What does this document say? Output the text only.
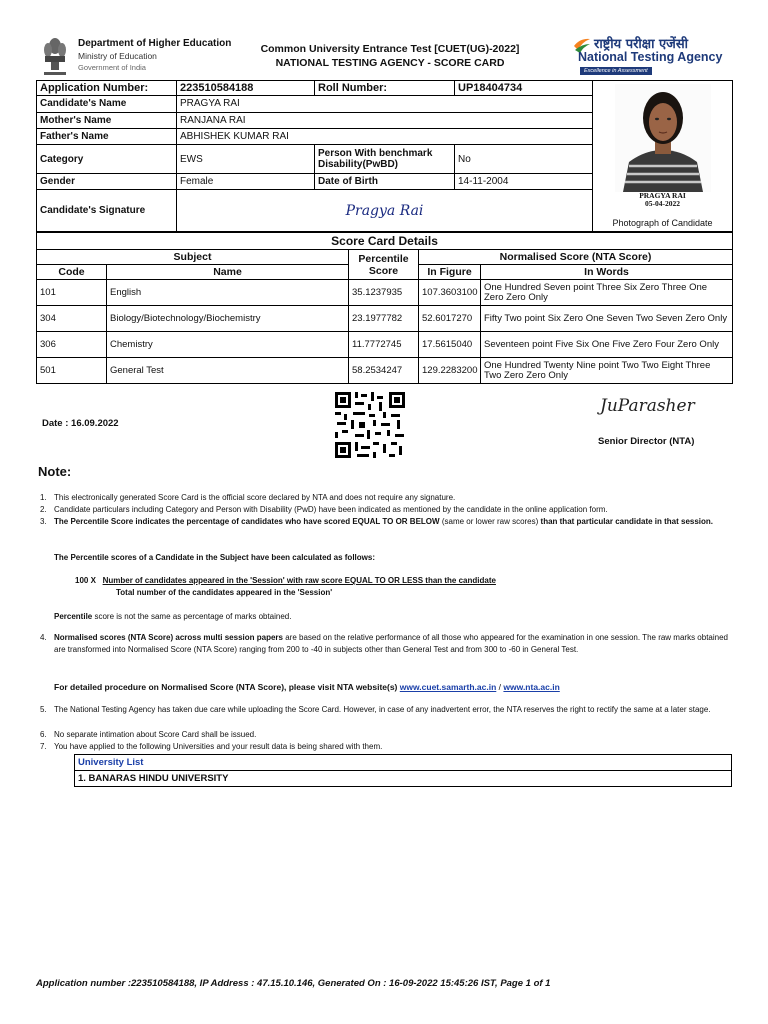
Department of Higher Education
Ministry of Education
Government of India
Common University Entrance Test [CUET(UG)-2022]
NATIONAL TESTING AGENCY - SCORE CARD
राष्ट्रीय परीक्षा एजेंसी
National Testing Agency
Excellence in Assessment
Application Number:	223510584188	Roll Number:	UP18404734	PRAGYA RAI
05-04-2022
Photograph of Candidate

Candidate's Name	PRAGYA RAI			
Mother's Name	RANJANA RAI			
Father's Name	ABHISHEK KUMAR RAI			
Category	EWS	Person With benchmark Disability(PwBD)	No	
Gender	Female	Date of Birth	14-11-2004	
Candidate's Signature	Pragya Rai			
Score Card Details				
Subject		Percentile Score	Normalised Score (NTA Score)	
Code	Name		In Figure	In Words
101	English	35.1237935	107.3603100	One Hundred Seven point Three Six Zero Three One Zero Zero Only
304	Biology/Biotechnology/Biochemistry	23.1977782	52.6017270	Fifty Two point Six Zero One Seven Two Seven Zero Only
306	Chemistry	11.7772745	17.5615040	Seventeen point Five Six One Five Zero Four Zero Only
501	General Test	58.2534247	129.2283200	One Hundred Twenty Nine point Two Two Eight Three Two Zero Zero Only
Date : 16.09.2022
JuParasher
Senior Director (NTA)
Note:
1. This electronically generated Score Card is the official score declared by NTA and does not require any signature.
2. Candidate particulars including Category and Person with Disability (PwD) have been indicated as mentioned by the candidate in the online application form.
3. The Percentile Score indicates the percentage of candidates who have scored EQUAL TO OR BELOW (same or lower raw scores) than that particular candidate in that session.
The Percentile scores of a Candidate in the Subject have been calculated as follows:
100 X Number of candidates appeared in the 'Session' with raw score EQUAL TO OR LESS than the candidate
Total number of the candidates appeared in the 'Session'
Percentile score is not the same as percentage of marks obtained.
4. Normalised scores (NTA Score) across multi session papers are based on the relative performance of all those who appeared for the examination in one session. The raw marks obtained are transformed into Normalised Score (NTA Score) ranging from 200 to -40 in subjects other than General Test and from 300 to -60 in General Test.
For detailed procedure on Normalised Score (NTA Score), please visit NTA website(s) www.cuet.samarth.ac.in / www.nta.ac.in
5. The National Testing Agency has taken due care while uploading the Score Card. However, in case of any inadvertent error, the NTA reserves the right to rectify the same at a later stage.
6. No separate intimation about Score Card shall be issued.
7. You have applied to the following Universities and your result data is being shared with them.
University List
1. BANARAS HINDU UNIVERSITY
Application number :223510584188, IP Address : 47.15.10.146, Generated On : 16-09-2022 15:45:26 IST, Page 1 of 1
